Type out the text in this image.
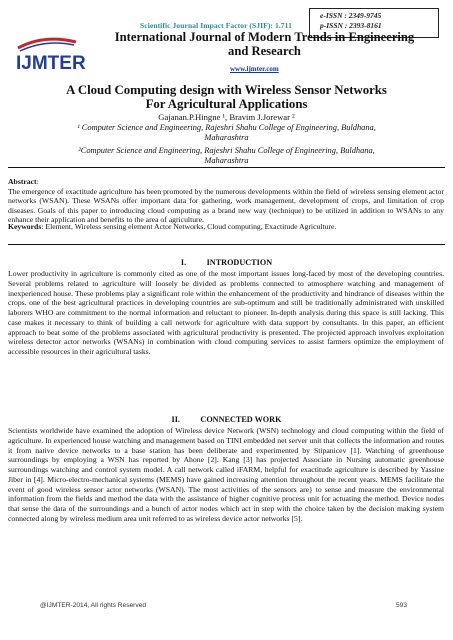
e-ISSN : 2349-9745
p-ISSN : 2393-8161
Scientific Journal Impact Factor (SJIF): 1.711
IJMTER
International Journal of Modern Trends in Engineering
and Research
www.ijmter.com
A Cloud Computing design with Wireless Sensor Networks
For Agricultural Applications
Gajanan.P.Hingne ¹, Bravim J.Jorewar ²
¹ Computer Science and Engineering, Rajeshri Shahu College of Engineering, Buldhana,
Maharashtra
²Computer Science and Engineering, Rajeshri Shahu College of Engineering, Buldhana,
Maharashtra
Abstract:
The emergence of exactitude agriculture has been promoted by the numerous developments within the field of wireless sensing element actor networks (WSAN). These WSANs offer important data for gathering, work management, development of crops, and limitation of crop diseases. Goals of this paper to introducing cloud computing as a brand new way (technique) to be utilized in addition to WSANs to any enhance their application and benefits to the area of agriculture.
Keywords: Element, Wireless sensing element Actor Networks, Cloud computing, Exactitude Agriculture.
I.          INTRODUCTION
Lower productivity in agriculture is commonly cited as one of the most important issues long-faced by most of the developing countries. Several problems related to agriculture will loosely be divided as problems connected to atmosphere watching and management of inexperienced house. These problems play a significant role within the enhancement of the productivity and hindrance of diseases within the crops. one of the best agricultural practices in developing countries are sub-optimum and still be traditionally administrated with unskilled laborers WHO are commitment to the normal information and reluctant to pioneer. In-depth analysis during this space is still lacking. This case makes it necessary to think of building a call network for agriculture with data support by consultants. In this paper, an efficient approach to beat some of the problems associated with agricultural productivity is presented. The projected approach involves exploitation wireless detector actor networks (WSANs) in combination with cloud computing services to assist farmers optimize the employment of accessible resources in their agricultural tasks.
II.          CONNECTED WORK
Scientists worldwide have examined the adoption of Wireless device Network (WSN) technology and cloud computing within the field of agriculture. In experienced house watching and management based on TINI embedded net server unit that collects the information and routes it from native device networks to a base station has been deliberate and experimented by Stipanicev [1]. Watching of greenhouse surroundings by employing a WSN has reported by Ahone [2]. Kang [3] has projected Associate in Nursing automatic greenhouse surroundings watching and control system model. A call network called iFARM, helpful for exactitude agriculture is described by Yassine Jiber in [4]. Micro-electro-mechanical systems (MEMS) have gained increasing attention throughout the recent years. MEMS facilitate the event of good wireless sensor actor networks (WSAN). The most activities of the sensors are} to sense and measure the environmental information from the fields and method the data with the assistance of higher cognitive process unit for actuating the method. Device nodes that sense the data of the surroundings and a bunch of actor nodes which act in step with the choice taken by the decision making system connected along by wireless medium area unit referred to as wireless device actor networks [5].
@IJMTER-2014, All rights Reserved	593
